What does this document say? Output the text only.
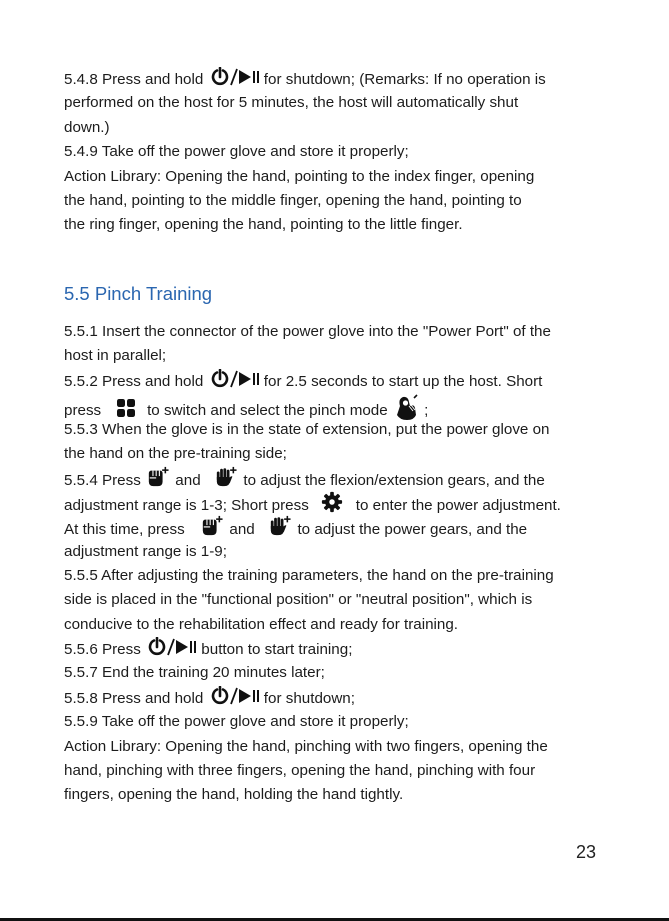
5.4.8 Press and hold	for shutdown; (Remarks: If no operation is
performed on the host for 5 minutes, the host will automatically shut
down.)
5.4.9 Take off the power glove and store it properly;
Action Library: Opening the hand, pointing to the index finger, opening
the hand, pointing to the middle finger, opening the hand, pointing to
the ring finger, opening the hand, pointing to the little finger.
5.5 Pinch Training
5.5.1 Insert the connector of the power glove into the "Power Port" of the
host in parallel;
5.5.2 Press and hold	for 2.5 seconds to start up the host. Short
press	to switch and select the pinch mode ;
5.5.3 When the glove is in the state of extension, put the power glove on
the hand on the pre-training side;
5.5.4 Press and	to adjust the flexion/extension gears, and the
adjustment range is 1-3; Short press	to enter the power adjustment.
At this time, press	and	to adjust the power gears, and the
adjustment range is 1-9;
5.5.5 After adjusting the training parameters, the hand on the pre-training
side is placed in the "functional position" or "neutral position", which is
conducive to the rehabilitation effect and ready for training.
5.5.6 Press	button to start training;
5.5.7 End the training 20 minutes later;
5.5.8 Press and hold	for shutdown;
5.5.9 Take off the power glove and store it properly;
Action Library: Opening the hand, pinching with two fingers, opening the
hand, pinching with three fingers, opening the hand, pinching with four
fingers, opening the hand, holding the hand tightly.
23
